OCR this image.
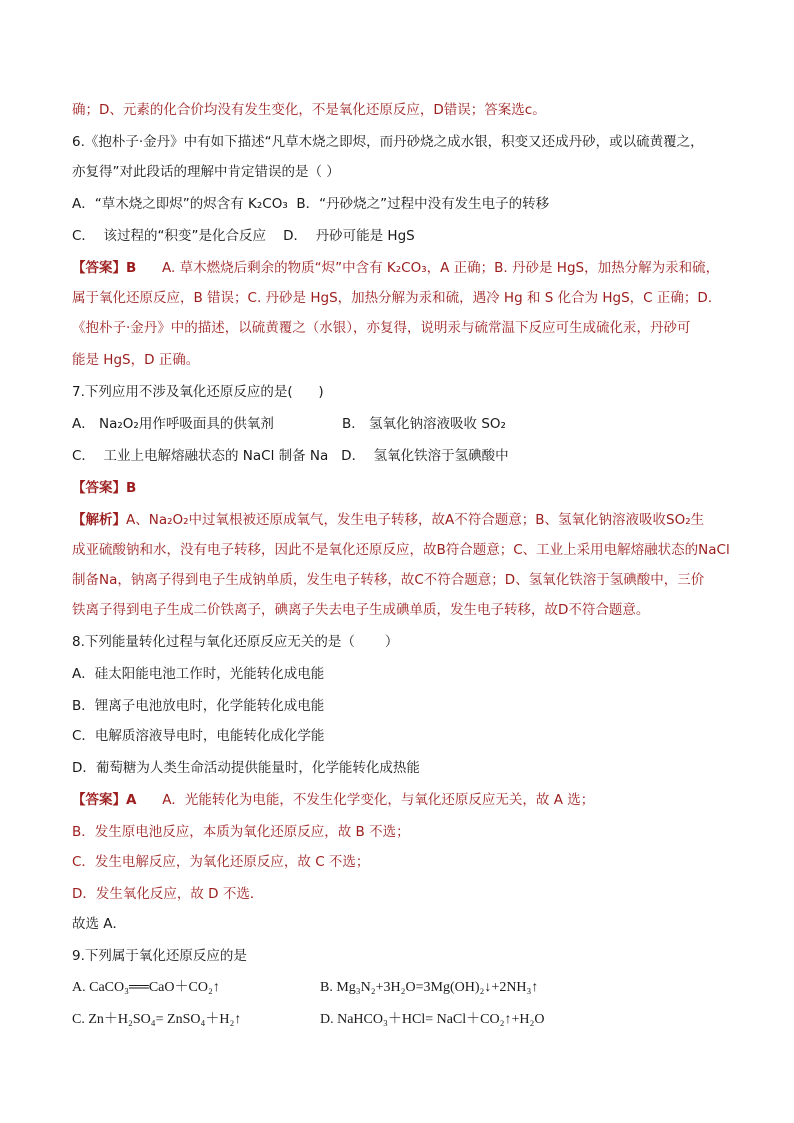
确；D、元素的化合价均没有发生变化，不是氧化还原反应，D错误；答案选c。
6.《抱朴子·金丹》中有如下描述“凡草木烧之即烬，而丹砂烧之成水银，积变又还成丹砂，或以硫黄覆之，
亦复得”对此段话的理解中肯定错误的是（ ）
A．“草木烧之即烬”的烬含有 K₂CO₃  B．“丹砂烧之”过程中没有发生电子的转移
C．  该过程的“积变”是化合反应    D．  丹砂可能是 HgS
【答案】B      A. 草木燃烧后剩余的物质“烬”中含有 K₂CO₃，A 正确；B. 丹砂是 HgS，加热分解为汞和硫，
属于氧化还原反应，B 错误；C. 丹砂是 HgS，加热分解为汞和硫，遇冷 Hg 和 S 化合为 HgS，C 正确；D.
《抱朴子·金丹》中的描述，以硫黄覆之（水银），亦复得，说明汞与硫常温下反应可生成硫化汞，丹砂可
能是 HgS，D 正确。
7.下列应用不涉及氧化还原反应的是(      )
A． Na₂O₂用作呼吸面具的供氧剂	B． 氢氧化钠溶液吸收 SO₂
C．  工业上电解熔融状态的 NaCl 制备 Na   D．  氢氧化铁溶于氢碘酸中
【答案】B
【解析】A、Na₂O₂中过氧根被还原成氧气，发生电子转移，故A不符合题意；B、氢氧化钠溶液吸收SO₂生
成亚硫酸钠和水，没有电子转移，因此不是氧化还原反应，故B符合题意；C、工业上采用电解熔融状态的NaCl
制备Na，钠离子得到电子生成钠单质，发生电子转移，故C不符合题意；D、氢氧化铁溶于氢碘酸中，三价
铁离子得到电子生成二价铁离子，碘离子失去电子生成碘单质，发生电子转移，故D不符合题意。
8.下列能量转化过程与氧化还原反应无关的是（       ）
A．硅太阳能电池工作时，光能转化成电能
B．锂离子电池放电时，化学能转化成电能
C．电解质溶液导电时，电能转化成化学能
D．葡萄糖为人类生命活动提供能量时，化学能转化成热能
【答案】A      A．光能转化为电能，不发生化学变化，与氧化还原反应无关，故 A 选；
B．发生原电池反应，本质为氧化还原反应，故 B 不选；
C．发生电解反应，为氧化还原反应，故 C 不选；
D．发生氧化反应，故 D 不选．
故选 A．
9.下列属于氧化还原反应的是
A. CaCO₃══CaO＋CO₂↑	B. Mg₃N₂+3H₂O=3Mg(OH)₂↓+2NH₃↑
C. Zn＋H₂SO₄= ZnSO₄＋H₂↑	D. NaHCO₃＋HCl= NaCl＋CO₂↑+H₂O
